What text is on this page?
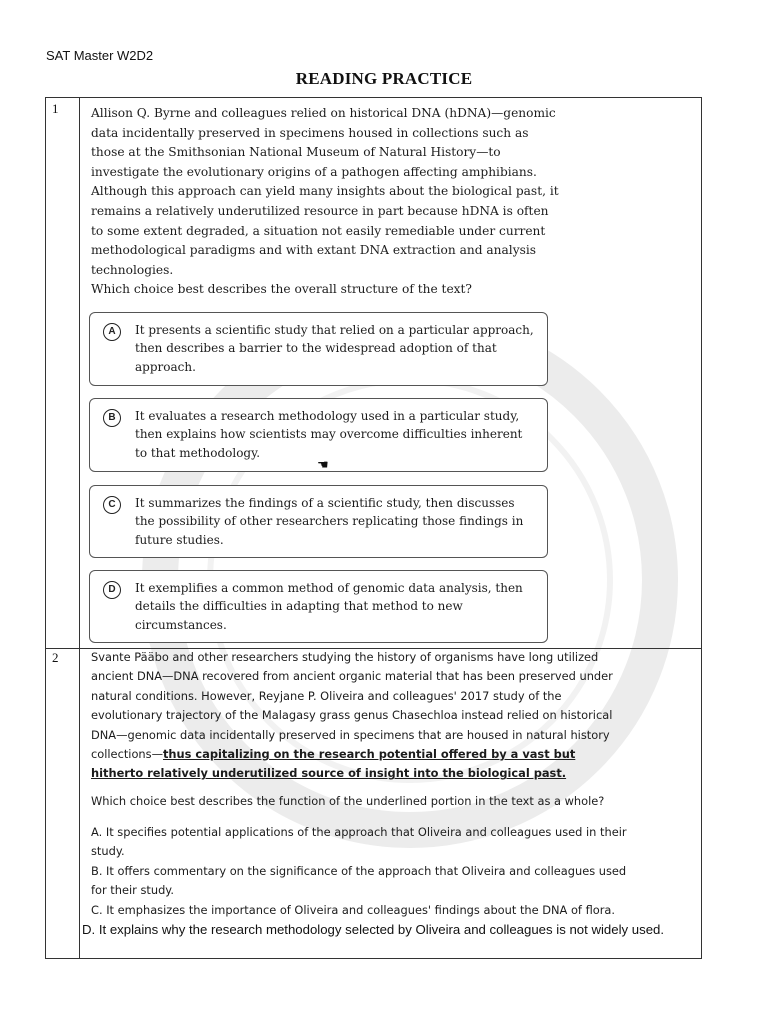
SAT Master W2D2
READING PRACTICE
1	Allison Q. Byrne and colleagues relied on historical DNA (hDNA)—genomic data incidentally preserved in specimens housed in collections such as those at the Smithsonian National Museum of Natural History—to investigate the evolutionary origins of a pathogen affecting amphibians. Although this approach can yield many insights about the biological past, it remains a relatively underutilized resource in part because hDNA is often to some extent degraded, a situation not easily remediable under current methodological paradigms and with extant DNA extraction and analysis technologies.
Which choice best describes the overall structure of the text?
A	It presents a scientific study that relied on a particular approach, then describes a barrier to the widespread adoption of that approach.
B	It evaluates a research methodology used in a particular study, then explains how scientists may overcome difficulties inherent to that methodology.
C	It summarizes the findings of a scientific study, then discusses the possibility of other researchers replicating those findings in future studies.
D	It exemplifies a common method of genomic data analysis, then details the difficulties in adapting that method to new circumstances.
☚
2	Svante Pääbo and other researchers studying the history of organisms have long utilized ancient DNA—DNA recovered from ancient organic material that has been preserved under natural conditions. However, Reyjane P. Oliveira and colleagues' 2017 study of the evolutionary trajectory of the Malagasy grass genus Chasechloa instead relied on historical DNA—genomic data incidentally preserved in specimens that are housed in natural history collections—thus capitalizing on the research potential offered by a vast but hitherto relatively underutilized source of insight into the biological past.
Which choice best describes the function of the underlined portion in the text as a whole?
A. It specifies potential applications of the approach that Oliveira and colleagues used in their study.
B. It offers commentary on the significance of the approach that Oliveira and colleagues used for their study.
C. It emphasizes the importance of Oliveira and colleagues' findings about the DNA of flora.
D. It explains why the research methodology selected by Oliveira and colleagues is not widely used.
